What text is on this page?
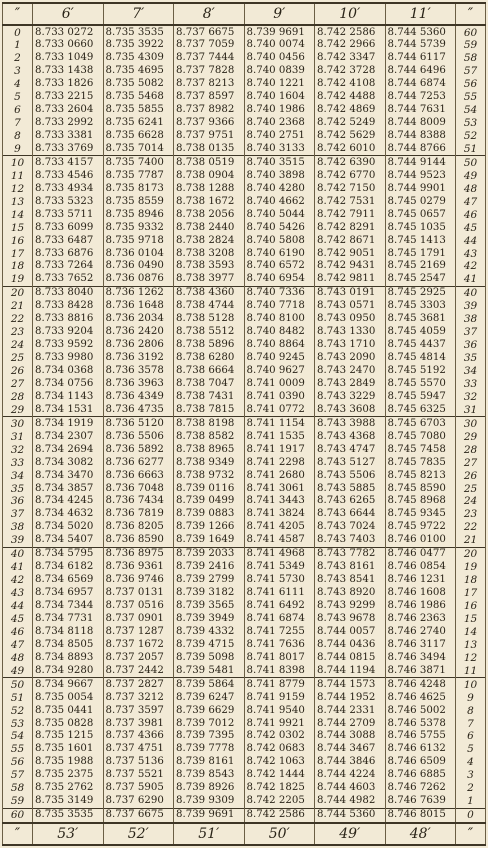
″	6′	7′	8′	9′	10′	11′	″
0	8.733 0272	8.735 3535	8.737 6675	8.739 9691	8.742 2586	8.744 5360	60
1	8.733 0660	8.735 3922	8.737 7059	8.740 0074	8.742 2966	8.744 5739	59
2	8.733 1049	8.735 4309	8.737 7444	8.740 0456	8.742 3347	8.744 6117	58
3	8.733 1438	8.735 4695	8.737 7828	8.740 0839	8.742 3728	8.744 6496	57
4	8.733 1826	8.735 5082	8.737 8213	8.740 1221	8.742 4108	8.744 6874	56
5	8.733 2215	8.735 5468	8.737 8597	8.740 1604	8.742 4488	8.744 7253	55
6	8.733 2604	8.735 5855	8.737 8982	8.740 1986	8.742 4869	8.744 7631	54
7	8.733 2992	8.735 6241	8.737 9366	8.740 2368	8.742 5249	8.744 8009	53
8	8.733 3381	8.735 6628	8.737 9751	8.740 2751	8.742 5629	8.744 8388	52
9	8.733 3769	8.735 7014	8.738 0135	8.740 3133	8.742 6010	8.744 8766	51
10	8.733 4157	8.735 7400	8.738 0519	8.740 3515	8.742 6390	8.744 9144	50
11	8.733 4546	8.735 7787	8.738 0904	8.740 3898	8.742 6770	8.744 9523	49
12	8.733 4934	8.735 8173	8.738 1288	8.740 4280	8.742 7150	8.744 9901	48
13	8.733 5323	8.735 8559	8.738 1672	8.740 4662	8.742 7531	8.745 0279	47
14	8.733 5711	8.735 8946	8.738 2056	8.740 5044	8.742 7911	8.745 0657	46
15	8.733 6099	8.735 9332	8.738 2440	8.740 5426	8.742 8291	8.745 1035	45
16	8.733 6487	8.735 9718	8.738 2824	8.740 5808	8.742 8671	8.745 1413	44
17	8.733 6876	8.736 0104	8.738 3208	8.740 6190	8.742 9051	8.745 1791	43
18	8.733 7264	8.736 0490	8.738 3593	8.740 6572	8.742 9431	8.745 2169	42
19	8.733 7652	8.736 0876	8.738 3977	8.740 6954	8.742 9811	8.745 2547	41
20	8.733 8040	8.736 1262	8.738 4360	8.740 7336	8.743 0191	8.745 2925	40
21	8.733 8428	8.736 1648	8.738 4744	8.740 7718	8.743 0571	8.745 3303	39
22	8.733 8816	8.736 2034	8.738 5128	8.740 8100	8.743 0950	8.745 3681	38
23	8.733 9204	8.736 2420	8.738 5512	8.740 8482	8.743 1330	8.745 4059	37
24	8.733 9592	8.736 2806	8.738 5896	8.740 8864	8.743 1710	8.745 4437	36
25	8.733 9980	8.736 3192	8.738 6280	8.740 9245	8.743 2090	8.745 4814	35
26	8.734 0368	8.736 3578	8.738 6664	8.740 9627	8.743 2470	8.745 5192	34
27	8.734 0756	8.736 3963	8.738 7047	8.741 0009	8.743 2849	8.745 5570	33
28	8.734 1143	8.736 4349	8.738 7431	8.741 0390	8.743 3229	8.745 5947	32
29	8.734 1531	8.736 4735	8.738 7815	8.741 0772	8.743 3608	8.745 6325	31
30	8.734 1919	8.736 5120	8.738 8198	8.741 1154	8.743 3988	8.745 6703	30
31	8.734 2307	8.736 5506	8.738 8582	8.741 1535	8.743 4368	8.745 7080	29
32	8.734 2694	8.736 5892	8.738 8965	8.741 1917	8.743 4747	8.745 7458	28
33	8.734 3082	8.736 6277	8.738 9349	8.741 2298	8.743 5127	8.745 7835	27
34	8.734 3470	8.736 6663	8.738 9732	8.741 2680	8.743 5506	8.745 8213	26
35	8.734 3857	8.736 7048	8.739 0116	8.741 3061	8.743 5885	8.745 8590	25
36	8.734 4245	8.736 7434	8.739 0499	8.741 3443	8.743 6265	8.745 8968	24
37	8.734 4632	8.736 7819	8.739 0883	8.741 3824	8.743 6644	8.745 9345	23
38	8.734 5020	8.736 8205	8.739 1266	8.741 4205	8.743 7024	8.745 9722	22
39	8.734 5407	8.736 8590	8.739 1649	8.741 4587	8.743 7403	8.746 0100	21
40	8.734 5795	8.736 8975	8.739 2033	8.741 4968	8.743 7782	8.746 0477	20
41	8.734 6182	8.736 9361	8.739 2416	8.741 5349	8.743 8161	8.746 0854	19
42	8.734 6569	8.736 9746	8.739 2799	8.741 5730	8.743 8541	8.746 1231	18
43	8.734 6957	8.737 0131	8.739 3182	8.741 6111	8.743 8920	8.746 1608	17
44	8.734 7344	8.737 0516	8.739 3565	8.741 6492	8.743 9299	8.746 1986	16
45	8.734 7731	8.737 0901	8.739 3949	8.741 6874	8.743 9678	8.746 2363	15
46	8.734 8118	8.737 1287	8.739 4332	8.741 7255	8.744 0057	8.746 2740	14
47	8.734 8505	8.737 1672	8.739 4715	8.741 7636	8.744 0436	8.746 3117	13
48	8.734 8893	8.737 2057	8.739 5098	8.741 8017	8.744 0815	8.746 3494	12
49	8.734 9280	8.737 2442	8.739 5481	8.741 8398	8.744 1194	8.746 3871	11
50	8.734 9667	8.737 2827	8.739 5864	8.741 8779	8.744 1573	8.746 4248	10
51	8.735 0054	8.737 3212	8.739 6247	8.741 9159	8.744 1952	8.746 4625	9
52	8.735 0441	8.737 3597	8.739 6629	8.741 9540	8.744 2331	8.746 5002	8
53	8.735 0828	8.737 3981	8.739 7012	8.741 9921	8.744 2709	8.746 5378	7
54	8.735 1215	8.737 4366	8.739 7395	8.742 0302	8.744 3088	8.746 5755	6
55	8.735 1601	8.737 4751	8.739 7778	8.742 0683	8.744 3467	8.746 6132	5
56	8.735 1988	8.737 5136	8.739 8161	8.742 1063	8.744 3846	8.746 6509	4
57	8.735 2375	8.737 5521	8.739 8543	8.742 1444	8.744 4224	8.746 6885	3
58	8.735 2762	8.737 5905	8.739 8926	8.742 1825	8.744 4603	8.746 7262	2
59	8.735 3149	8.737 6290	8.739 9309	8.742 2205	8.744 4982	8.746 7639	1
60	8.735 3535	8.737 6675	8.739 9691	8.742 2586	8.744 5360	8.746 8015	0
″	53′	52′	51′	50′	49′	48′	″
